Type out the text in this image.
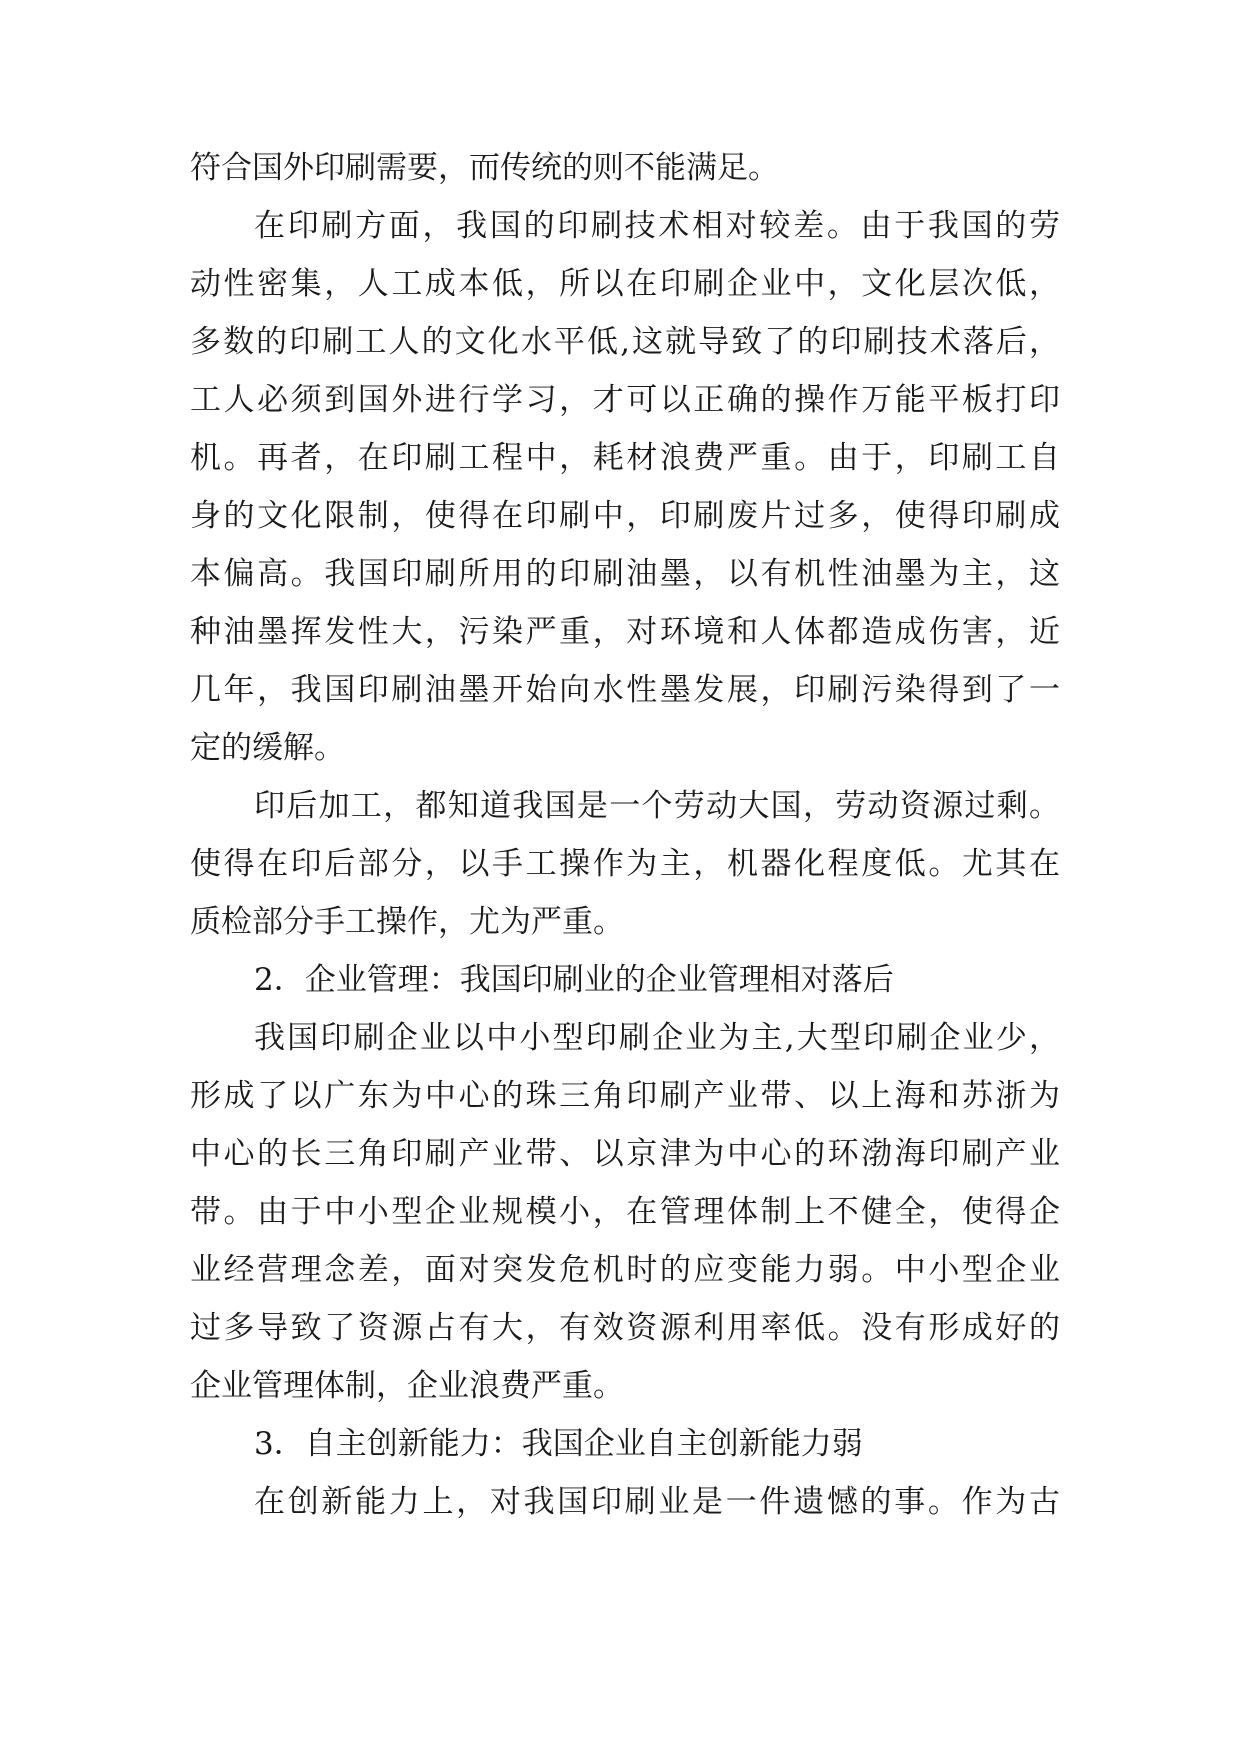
符合国外印刷需要，而传统的则不能满足。
在印刷方面，我国的印刷技术相对较差。由于我国的劳
动性密集，人工成本低，所以在印刷企业中，文化层次低，
多数的印刷工人的文化水平低,这就导致了的印刷技术落后，
工人必须到国外进行学习，才可以正确的操作万能平板打印
机。再者，在印刷工程中，耗材浪费严重。由于，印刷工自
身的文化限制，使得在印刷中，印刷废片过多，使得印刷成
本偏高。我国印刷所用的印刷油墨，以有机性油墨为主，这
种油墨挥发性大，污染严重，对环境和人体都造成伤害，近
几年，我国印刷油墨开始向水性墨发展，印刷污染得到了一
定的缓解。
印后加工，都知道我国是一个劳动大国，劳动资源过剩。
使得在印后部分，以手工操作为主，机器化程度低。尤其在
质检部分手工操作，尤为严重。
2．企业管理：我国印刷业的企业管理相对落后
我国印刷企业以中小型印刷企业为主,大型印刷企业少，
形成了以广东为中心的珠三角印刷产业带、以上海和苏浙为
中心的长三角印刷产业带、以京津为中心的环渤海印刷产业
带。由于中小型企业规模小，在管理体制上不健全，使得企
业经营理念差，面对突发危机时的应变能力弱。中小型企业
过多导致了资源占有大，有效资源利用率低。没有形成好的
企业管理体制，企业浪费严重。
3．自主创新能力：我国企业自主创新能力弱
在创新能力上，对我国印刷业是一件遗憾的事。作为古
